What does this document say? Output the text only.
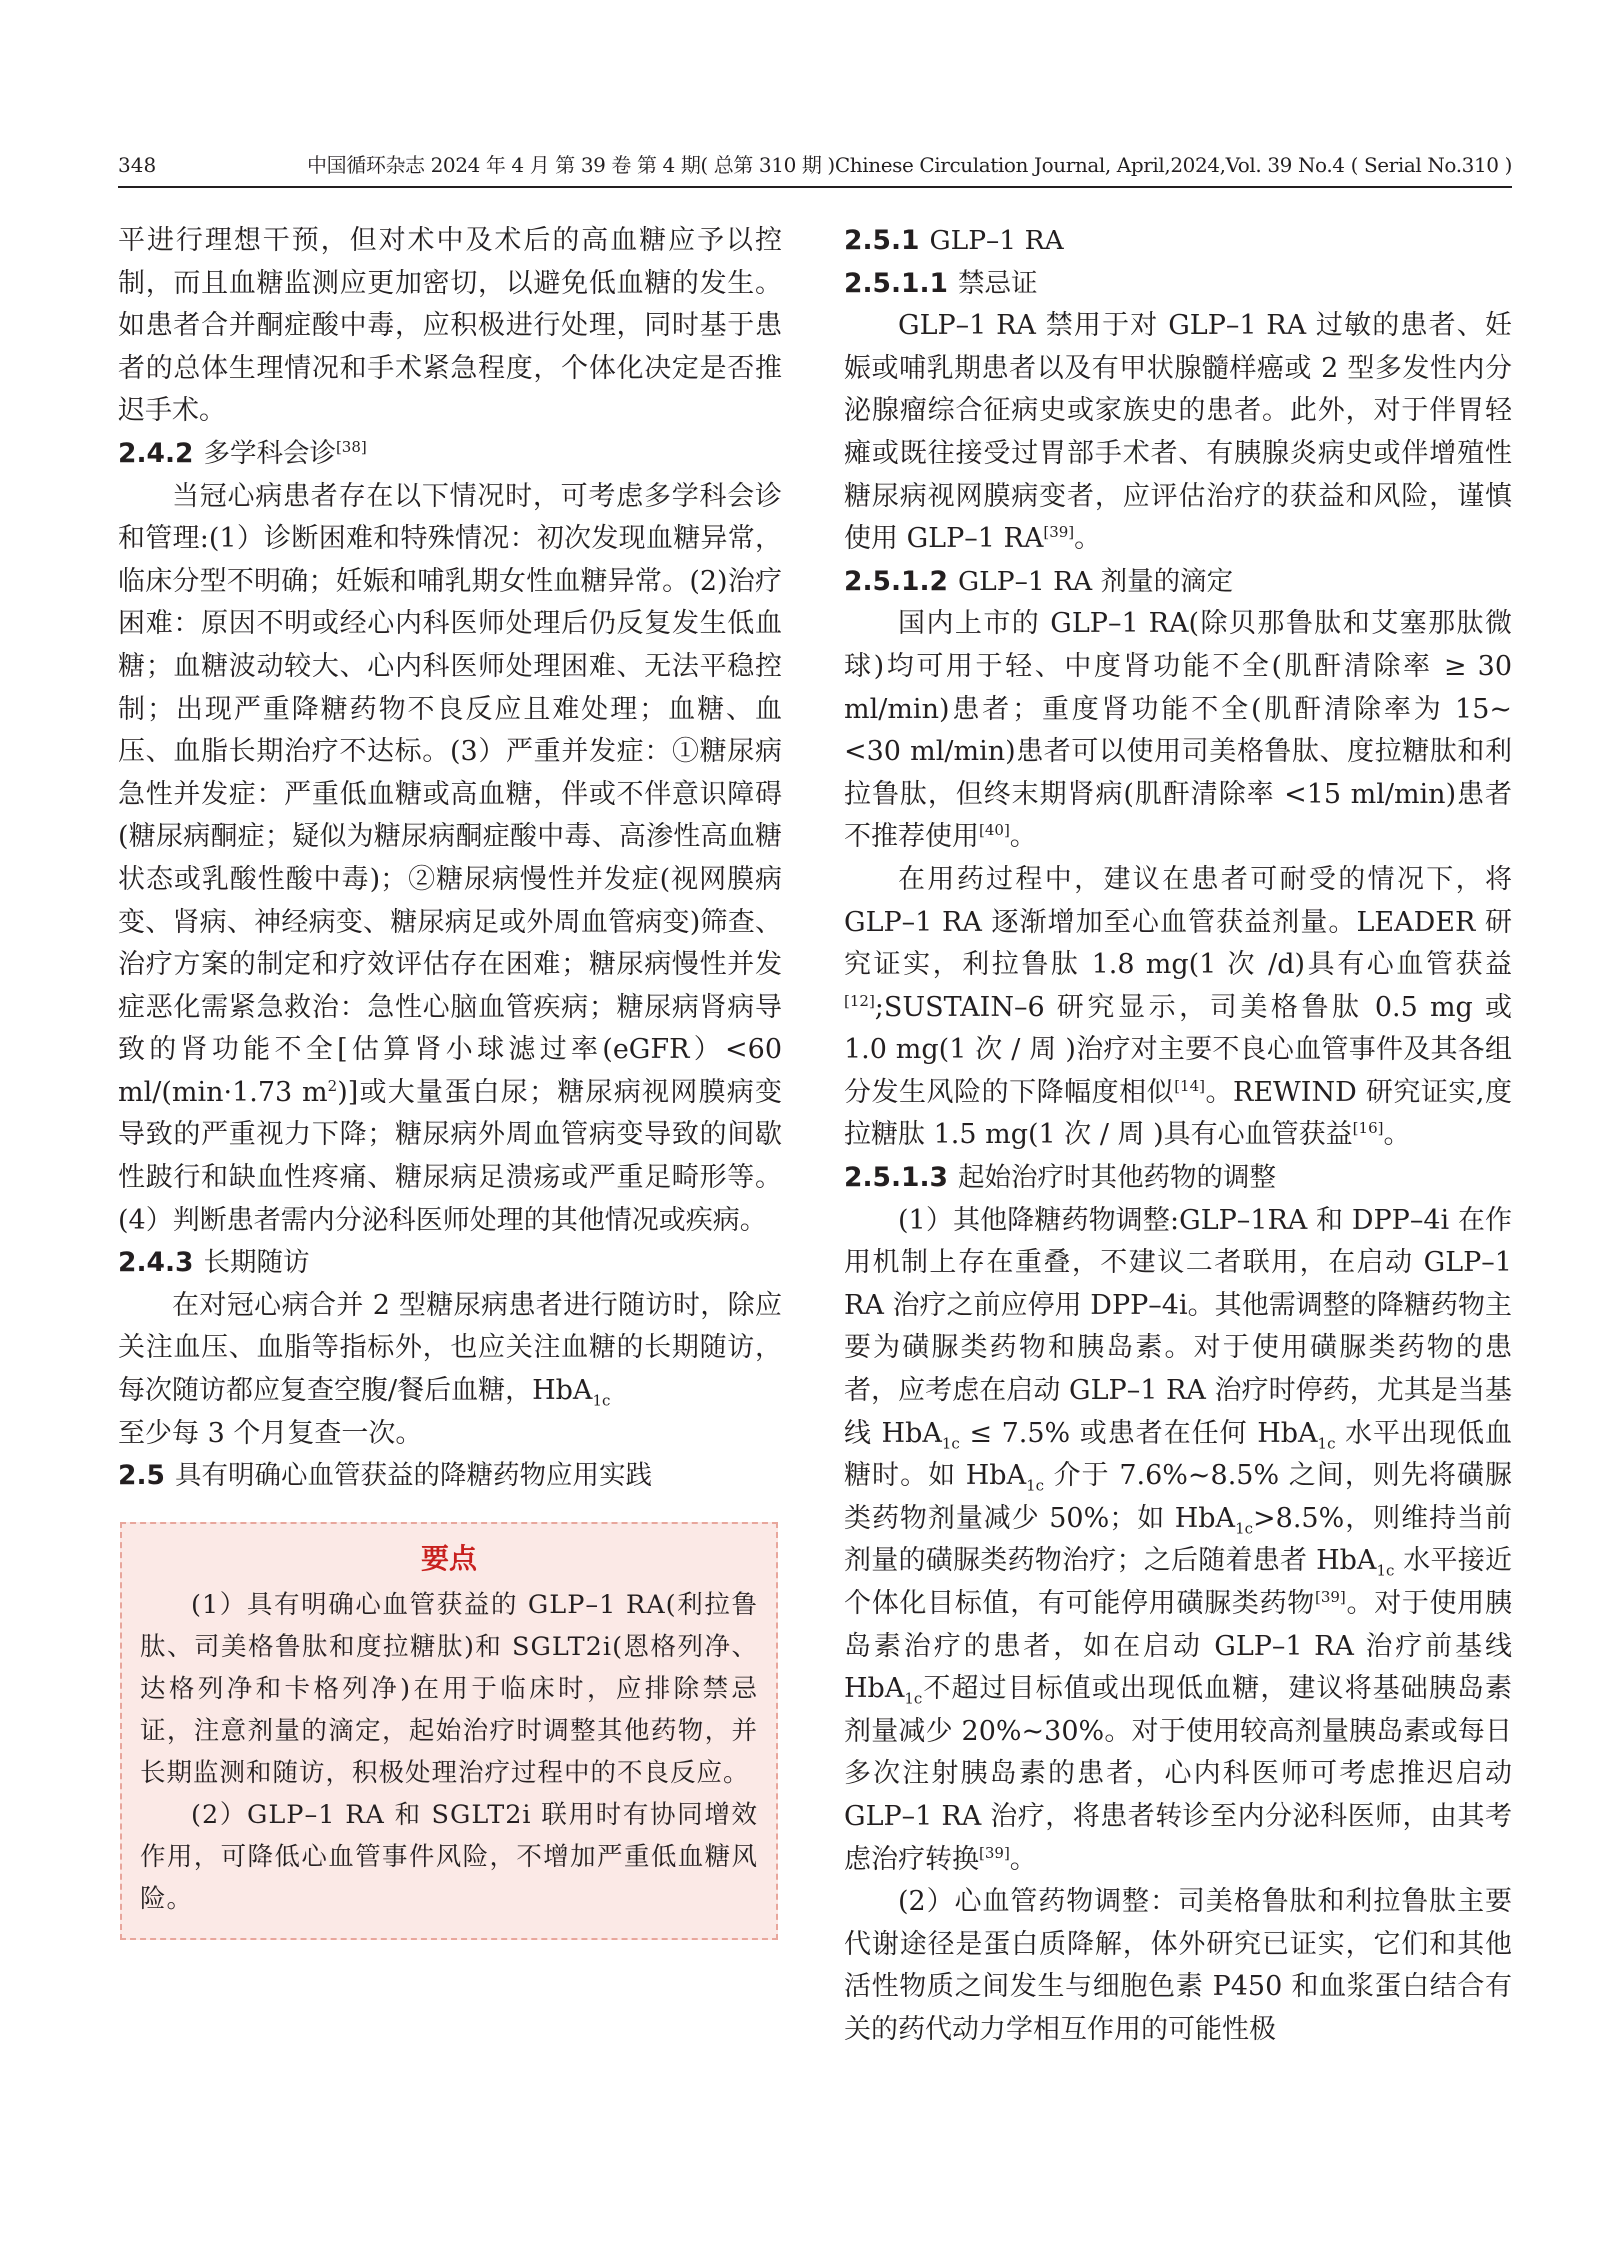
348	中国循环杂志 2024 年 4 月 第 39 卷 第 4 期( 总第 310 期 )Chinese Circulation Journal, April,2024,Vol. 39 No.4 ( Serial No.310 )

平进行理想干预，但对术中及术后的高血糖应予以控制，而且血糖监测应更加密切，以避免低血糖的发生。如患者合并酮症酸中毒，应积极进行处理，同时基于患者的总体生理情况和手术紧急程度，个体化决定是否推迟手术。

2.4.2 多学科会诊[38]

当冠心病患者存在以下情况时，可考虑多学科会诊和管理:(1）诊断困难和特殊情况：初次发现血糖异常，临床分型不明确；妊娠和哺乳期女性血糖异常。(2)治疗困难：原因不明或经心内科医师处理后仍反复发生低血糖；血糖波动较大、心内科医师处理困难、无法平稳控制；出现严重降糖药物不良反应且难处理；血糖、血压、血脂长期治疗不达标。(3）严重并发症：①糖尿病急性并发症：严重低血糖或高血糖，伴或不伴意识障碍(糖尿病酮症；疑似为糖尿病酮症酸中毒、高渗性高血糖状态或乳酸性酸中毒)；②糖尿病慢性并发症(视网膜病变、肾病、神经病变、糖尿病足或外周血管病变)筛查、治疗方案的制定和疗效评估存在困难；糖尿病慢性并发症恶化需紧急救治：急性心脑血管疾病；糖尿病肾病导致的肾功能不全[估算肾小球滤过率(eGFR）<60 ml/(min·1.73 $m^2$)]或大量蛋白尿；糖尿病视网膜病变导致的严重视力下降；糖尿病外周血管病变导致的间歇性跛行和缺血性疼痛、糖尿病足溃疡或严重足畸形等。(4）判断患者需内分泌科医师处理的其他情况或疾病。

2.4.3 长期随访

在对冠心病合并 2 型糖尿病患者进行随访时，除应关注血压、血脂等指标外，也应关注血糖的长期随访，每次随访都应复查空腹/餐后血糖，HbA$_{1c}$
至少每 3 个月复查一次。

2.5 具有明确心血管获益的降糖药物应用实践

要点

(1）具有明确心血管获益的 GLP–1 RA(利拉鲁肽、司美格鲁肽和度拉糖肽)和 SGLT2i(恩格列净、达格列净和卡格列净)在用于临床时，应排除禁忌证，注意剂量的滴定，起始治疗时调整其他药物，并长期监测和随访，积极处理治疗过程中的不良反应。

(2）GLP–1 RA 和 SGLT2i 联用时有协同增效作用，可降低心血管事件风险，不增加严重低血糖风险。

2.5.1 GLP–1 RA

2.5.1.1 禁忌证

GLP–1 RA 禁用于对 GLP–1 RA 过敏的患者、妊娠或哺乳期患者以及有甲状腺髓样癌或 2 型多发性内分泌腺瘤综合征病史或家族史的患者。此外，对于伴胃轻瘫或既往接受过胃部手术者、有胰腺炎病史或伴增殖性糖尿病视网膜病变者，应评估治疗的获益和风险，谨慎使用 GLP–1 RA[39]。

2.5.1.2 GLP–1 RA 剂量的滴定

国内上市的 GLP–1 RA(除贝那鲁肽和艾塞那肽微球)均可用于轻、中度肾功能不全(肌酐清除率 ≥ 30 ml/min)患者；重度肾功能不全(肌酐清除率为 15~<30 ml/min)患者可以使用司美格鲁肽、度拉糖肽和利拉鲁肽，但终末期肾病(肌酐清除率 <15 ml/min)患者不推荐使用[40]。

在用药过程中，建议在患者可耐受的情况下，将 GLP–1 RA 逐渐增加至心血管获益剂量。LEADER 研究证实，利拉鲁肽 1.8 mg(1 次 /d)具有心血管获益[12];SUSTAIN–6 研究显示，司美格鲁肽 0.5 mg 或 1.0 mg(1 次 / 周 )治疗对主要不良心血管事件及其各组分发生风险的下降幅度相似[14]。REWIND 研究证实,度拉糖肽 1.5 mg(1 次 / 周 )具有心血管获益[16]。

2.5.1.3 起始治疗时其他药物的调整

(1）其他降糖药物调整:GLP–1RA 和 DPP–4i 在作用机制上存在重叠，不建议二者联用，在启动 GLP–1 RA 治疗之前应停用 DPP–4i。其他需调整的降糖药物主要为磺脲类药物和胰岛素。对于使用磺脲类药物的患者，应考虑在启动 GLP–1 RA 治疗时停药，尤其是当基线 HbA$_{1c}$ ≤ 7.5% 或患者在任何 HbA$_{1c}$ 水平出现低血糖时。如 HbA$_{1c}$ 介于 7.6%~8.5% 之间，则先将磺脲类药物剂量减少 50%；如 HbA$_{1c}$>8.5%，则维持当前剂量的磺脲类药物治疗；之后随着患者 HbA$_{1c}$ 水平接近个体化目标值，有可能停用磺脲类药物[39]。对于使用胰岛素治疗的患者，如在启动 GLP–1 RA 治疗前基线 HbA$_{1c}$不超过目标值或出现低血糖，建议将基础胰岛素剂量减少 20%~30%。对于使用较高剂量胰岛素或每日多次注射胰岛素的患者，心内科医师可考虑推迟启动 GLP–1 RA 治疗，将患者转诊至内分泌科医师，由其考虑治疗转换[39]。

(2）心血管药物调整：司美格鲁肽和利拉鲁肽主要代谢途径是蛋白质降解，体外研究已证实，它们和其他活性物质之间发生与细胞色素 P450 和血浆蛋白结合有关的药代动力学相互作用的可能性极
